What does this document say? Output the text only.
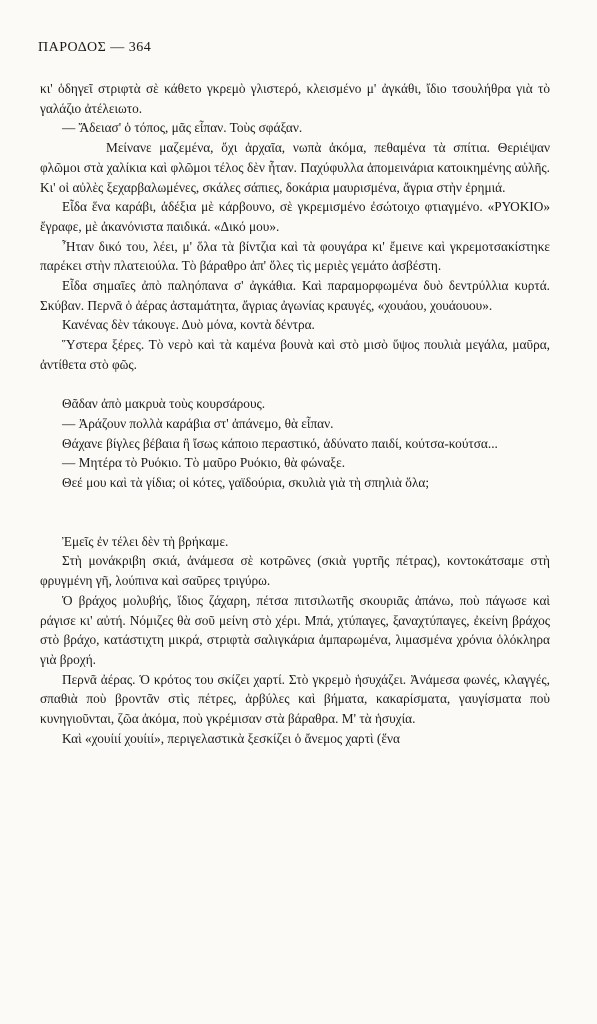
ΠΑΡΟΔΟΣ — 364

κι' ὁδηγεῖ στριφτὰ σὲ κάθετο γκρεμὸ γλιστερό, κλεισμένο μ' ἀγκάθι, ἴδιο τσουλήθρα γιὰ τὸ γαλάζιο ἀτέλειωτο.

— Ἄδειασ' ὁ τόπος, μᾶς εἶπαν. Τοὺς σφάξαν.

Μείνανε μαζεμένα, ὄχι ἀρχαῖα, νωπὰ ἀκόμα, πεθαμένα τὰ σπίτια. Θεριέψαν φλῶμοι στὰ χαλίκια καὶ φλῶμοι τέλος δὲν ἦταν. Παχύφυλλα ἀπομεινάρια κατοικημένης αὐλῆς. Κι' οἱ αὐλὲς ξεχαρβαλωμένες, σκάλες σάπιες, δοκάρια μαυρισμένα, ἄγρια στὴν ἐρημιά.

Εἶδα ἕνα καράβι, ἀδέξια μὲ κάρβουνο, σὲ γκρεμισμένο ἐσώτοιχο φτιαγμένο. «ΡΥΟΚΙΟ» ἔγραφε, μὲ ἀκανόνιστα παιδικά. «Δικό μου».

Ἦταν δικό του, λέει, μ' ὅλα τὰ βίντζια καὶ τὰ φουγάρα κι' ἔμεινε καὶ γκρεμοτσακίστηκε παρέκει στὴν πλατειούλα. Τὸ βάραθρο ἀπ' ὅλες τὶς μεριὲς γεμάτο ἀσβέστη.

Εἶδα σημαῖες ἀπὸ παληόπανα σ' ἀγκάθια. Καὶ παραμορφωμένα δυὸ δεντρύλλια κυρτά. Σκύβαν. Περνᾶ ὁ ἀέρας ἀσταμάτητα, ἄγριας ἀγωνίας κραυγές, «χουάου, χουάουου».

Κανένας δὲν τάκουγε. Δυὸ μόνα, κοντὰ δέντρα.

Ὕστερα ξέρες. Τὸ νερὸ καὶ τὰ καμένα βουνὰ καὶ στὸ μισὸ ὕψος πουλιὰ μεγάλα, μαῦρα, ἀντίθετα στὸ φῶς.

Θᾶδαν ἀπὸ μακρυὰ τοὺς κουρσάρους.

— Ἀράζουν πολλὰ καράβια στ' ἀπάνεμο, θὰ εἶπαν.

Θάχανε βίγλες βέβαια ἢ ἴσως κάποιο περαστικό, ἀδύνατο παιδί, κούτσα-κούτσα...

— Μητέρα τὸ Ρυόκιο. Τὸ μαῦρο Ρυόκιο, θὰ φώναξε.

Θεέ μου καὶ τὰ γίδια; οἱ κότες, γαϊδούρια, σκυλιὰ γιὰ τὴ σπηλιὰ ὅλα;

Ἐμεῖς ἐν τέλει δὲν τὴ βρήκαμε.

Στὴ μονάκριβη σκιά, ἀνάμεσα σὲ κοτρῶνες (σκιὰ γυρτῆς πέτρας), κοντοκάτσαμε στὴ φρυγμένη γῆ, λούπινα καὶ σαῦρες τριγύρω.

Ὁ βράχος μολυβής, ἴδιος ζάχαρη, πέτσα πιτσιλωτῆς σκουριᾶς ἀπάνω, ποὺ πάγωσε καὶ ράγισε κι' αὐτή. Νόμιζες θὰ σοῦ μείνη στὸ χέρι. Μπά, χτύπαγες, ξαναχτύπαγες, ἐκείνη βράχος στὸ βράχο, κατάστιχτη μικρά, στριφτὰ σαλιγκάρια ἀμπαρωμένα, λιμασμένα χρόνια ὁλόκληρα γιὰ βροχή.

Περνᾶ ἀέρας. Ὁ κρότος του σκίζει χαρτί. Στὸ γκρεμὸ ἡσυχάζει. Ἀνάμεσα φωνές, κλαγγές, σπαθιὰ ποὺ βροντᾶν στὶς πέτρες, ἀρβύλες καὶ βήματα, κακαρίσματα, γαυγίσματα ποὺ κυνηγιοῦνται, ζῶα ἀκόμα, ποὺ γκρέμισαν στὰ βάραθρα. Μ' τὰ ἡσυχία.

Καὶ «χουίιί χουίιί», περιγελαστικὰ ξεσκίζει ὁ ἄνεμος χαρτὶ (ἕνα
